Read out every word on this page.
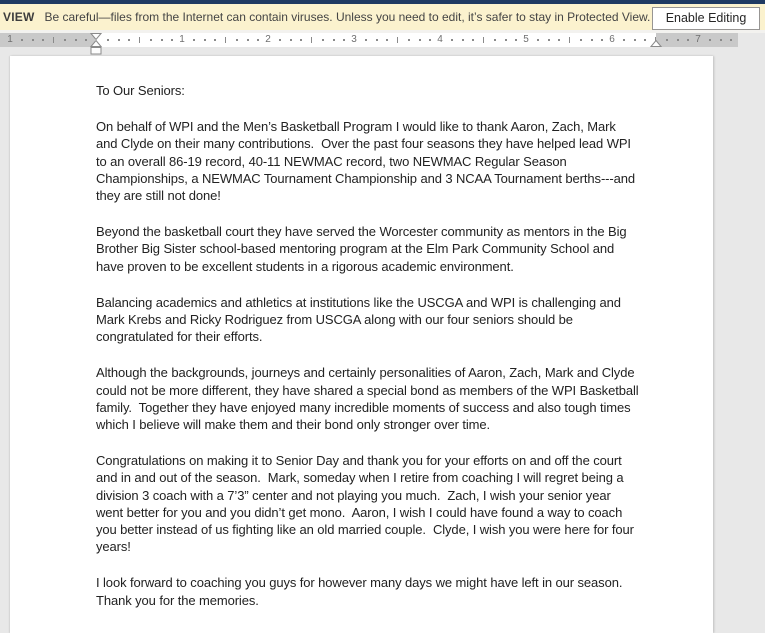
VIEW Be careful—files from the Internet can contain viruses. Unless you need to edit, it’s safer to stay in Protected View.	Enable Editing
1	1	2	3	4	5	6	7
To Our Seniors:
On behalf of WPI and the Men’s Basketball Program I would like to thank Aaron, Zach, Mark
and Clyde on their many contributions.  Over the past four seasons they have helped lead WPI
to an overall 86-19 record, 40-11 NEWMAC record, two NEWMAC Regular Season
Championships, a NEWMAC Tournament Championship and 3 NCAA Tournament berths---and
they are still not done!
Beyond the basketball court they have served the Worcester community as mentors in the Big
Brother Big Sister school-based mentoring program at the Elm Park Community School and
have proven to be excellent students in a rigorous academic environment.
Balancing academics and athletics at institutions like the USCGA and WPI is challenging and
Mark Krebs and Ricky Rodriguez from USCGA along with our four seniors should be
congratulated for their efforts.
Although the backgrounds, journeys and certainly personalities of Aaron, Zach, Mark and Clyde
could not be more different, they have shared a special bond as members of the WPI Basketball
family.  Together they have enjoyed many incredible moments of success and also tough times
which I believe will make them and their bond only stronger over time.
Congratulations on making it to Senior Day and thank you for your efforts on and off the court
and in and out of the season.  Mark, someday when I retire from coaching I will regret being a
division 3 coach with a 7’3” center and not playing you much.  Zach, I wish your senior year
went better for you and you didn’t get mono.  Aaron, I wish I could have found a way to coach
you better instead of us fighting like an old married couple.  Clyde, I wish you were here for four
years!
I look forward to coaching you guys for however many days we might have left in our season.
Thank you for the memories.
